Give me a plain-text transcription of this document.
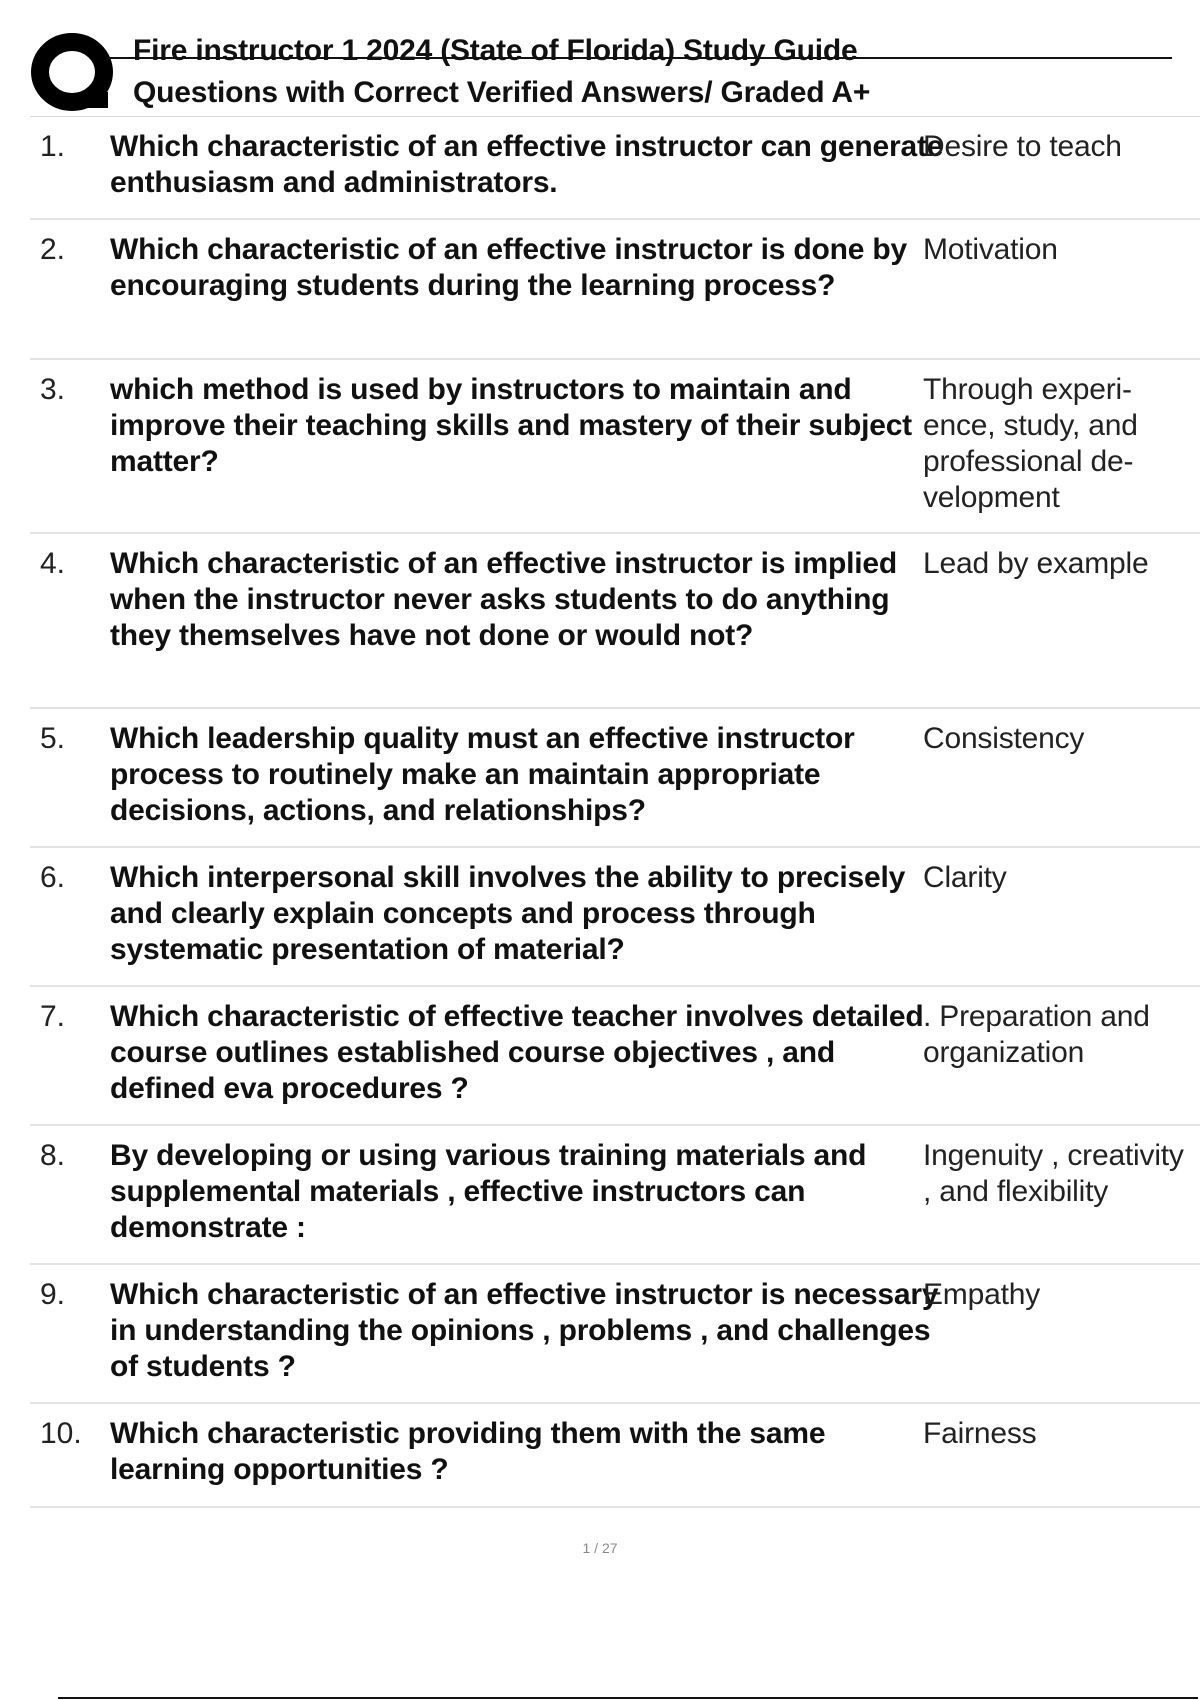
Fire instructor 1 2024 (State of Florida) Study Guide
Questions with Correct Verified Answers/ Graded A+
1. Which characteristic of an effective instructor can generate enthusiasm and administrators.
Desire to teach
2. Which characteristic of an effective instructor is done by encouraging students during the learning process?
Motivation
3. which method is used by instructors to maintain and improve their teaching skills and mastery of their subject matter?
Through experience, study, and professional development
4. Which characteristic of an effective instructor is implied when the instructor never asks students to do anything they themselves have not done or would not?
Lead by example
5. Which leadership quality must an effective instructor process to routinely make an maintain appropriate decisions, actions, and relationships?
Consistency
6. Which interpersonal skill involves the ability to precisely and clearly explain concepts and process through systematic presentation of material?
Clarity
7. Which characteristic of effective teacher involves detailed course outlines established course objectives , and defined eva procedures ?
. Preparation and organization
8. By developing or using various training materials and supplemental materials , effective instructors can demonstrate :
Ingenuity , creativity , and flexibility
9. Which characteristic of an effective instructor is necessary in understanding the opinions , problems , and challenges of students ?
Empathy
10. Which characteristic providing them with the same learning opportunities ?
Fairness
1 / 27
